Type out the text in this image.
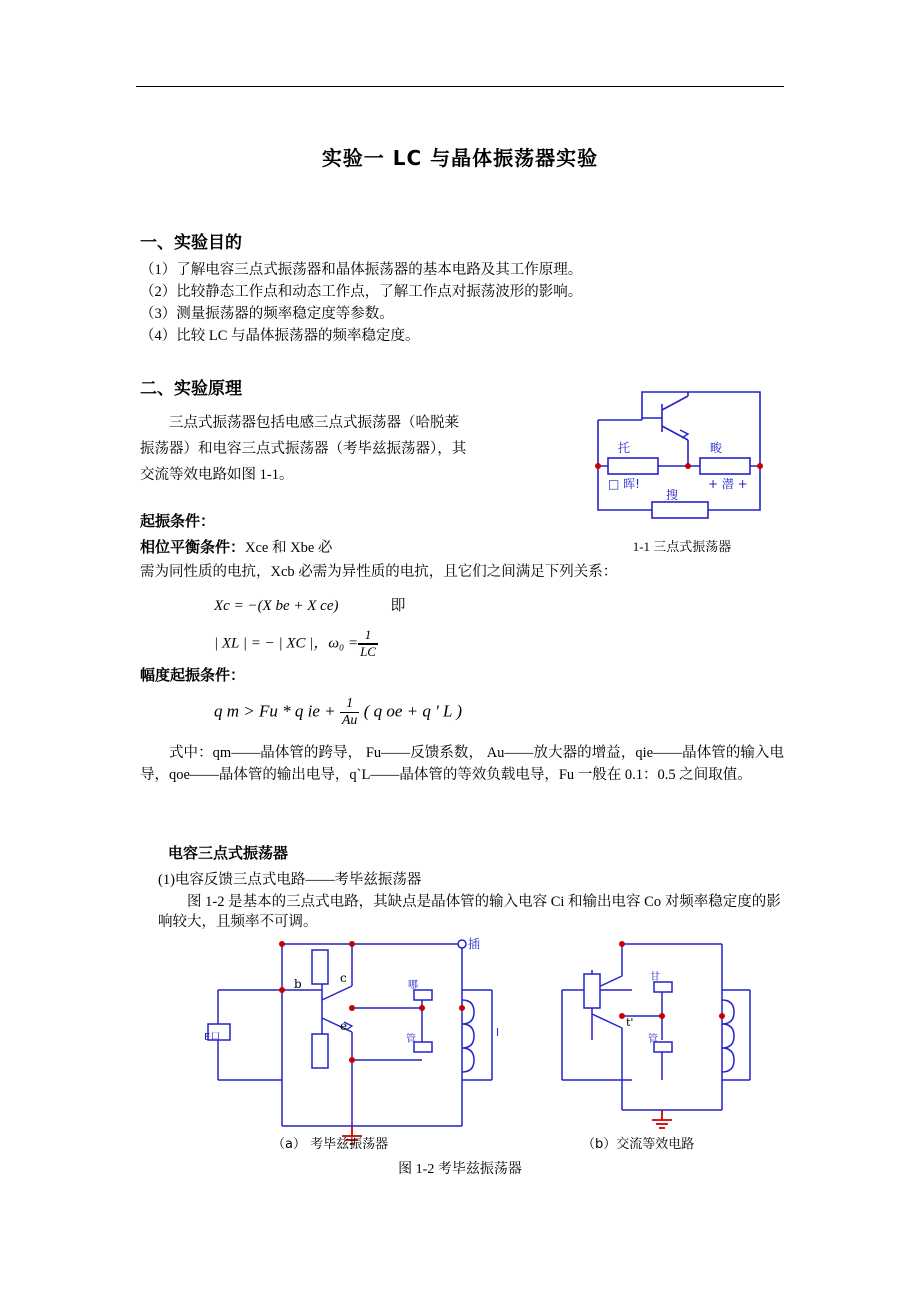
实验一 LC 与晶体振荡器实验
一、实验目的

（1）了解电容三点式振荡器和晶体振荡器的基本电路及其工作原理。

（2）比较静态工作点和动态工作点，了解工作点对振荡波形的影响。

（3）测量振荡器的频率稳定度等参数。

（4）比较 LC 与晶体振荡器的频率稳定度。

二、实验原理

三点式振荡器包括电感三点式振荡器（哈脱莱振荡器）和电容三点式振荡器（考毕兹振荡器），其交流等效电路如图 1-1。

起振条件：
相位平衡条件：Xce 和 Xbe 必

需为同性质的电抗，Xcb 必需为异性质的电抗，且它们之间满足下列关系：

Xc = −(X be + X ce)	即
| XL | = − | XC |，$\omega_0 = \frac{1}{LC}$
幅度起振条件：
q m > Fu * q ie + $\frac{1}{Au}$ ( q oe + q ' L )

式中：qm——晶体管的跨导， Fu——反馈系数， Au——放大器的增益，qie——晶体管的输入电导，qoe——晶体管的输出电导，q`L——晶体管的等效负载电导，Fu 一般在 0.1：0.5 之间取值。

电容三点式振荡器

(1)电容反馈三点式电路——考毕兹振荡器

图 1-2 是基本的三点式电路，其缺点是晶体管的输入电容 Ci 和输出电容 Co 对频率稳定度的影响较大，且频率不可调。

托	畯
□ 晖!	+ 潜 +
搜
1-1 三点式振荡器
插
b	c
e
哪
管
E口	l
t'
甘
管
（a） 考毕兹振荡器	（b）交流等效电路
图 1-2 考毕兹振荡器
